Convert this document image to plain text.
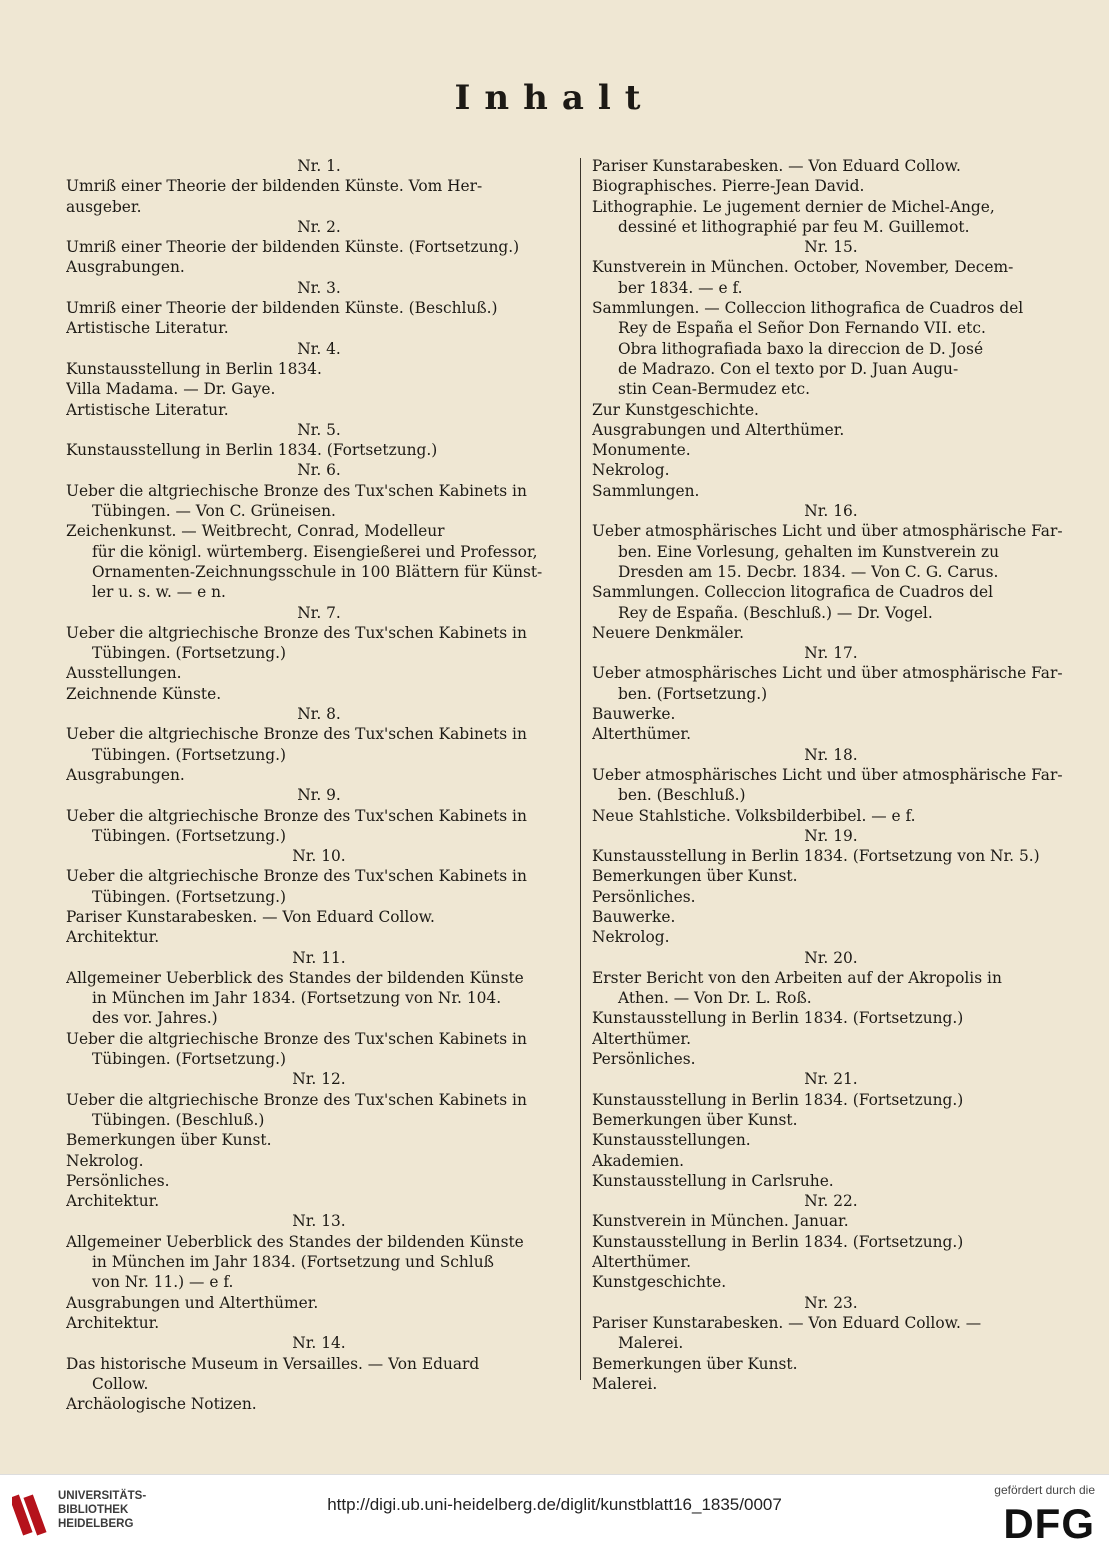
Inhalt
Nr. 1.
Umriß einer Theorie der bildenden Künste. Vom Her-
ausgeber.
Nr. 2.
Umriß einer Theorie der bildenden Künste. (Fortsetzung.)
Ausgrabungen.
Nr. 3.
Umriß einer Theorie der bildenden Künste. (Beschluß.)
Artistische Literatur.
Nr. 4.
Kunstausstellung in Berlin 1834.
Villa Madama. — Dr. Gaye.
Artistische Literatur.
Nr. 5.
Kunstausstellung in Berlin 1834. (Fortsetzung.)
Nr. 6.
Ueber die altgriechische Bronze des Tux'schen Kabinets in
Tübingen. — Von C. Grüneisen.
Zeichenkunst. — Weitbrecht, Conrad, Modelleur
für die königl. würtemberg. Eisengießerei und Professor,
Ornamenten-Zeichnungsschule in 100 Blättern für Künst-
ler u. s. w. — e n.
Nr. 7.
Ueber die altgriechische Bronze des Tux'schen Kabinets in
Tübingen. (Fortsetzung.)
Ausstellungen.
Zeichnende Künste.
Nr. 8.
Ueber die altgriechische Bronze des Tux'schen Kabinets in
Tübingen. (Fortsetzung.)
Ausgrabungen.
Nr. 9.
Ueber die altgriechische Bronze des Tux'schen Kabinets in
Tübingen. (Fortsetzung.)
Nr. 10.
Ueber die altgriechische Bronze des Tux'schen Kabinets in
Tübingen. (Fortsetzung.)
Pariser Kunstarabesken. — Von Eduard Collow.
Architektur.
Nr. 11.
Allgemeiner Ueberblick des Standes der bildenden Künste
in München im Jahr 1834. (Fortsetzung von Nr. 104.
des vor. Jahres.)
Ueber die altgriechische Bronze des Tux'schen Kabinets in
Tübingen. (Fortsetzung.)
Nr. 12.
Ueber die altgriechische Bronze des Tux'schen Kabinets in
Tübingen. (Beschluß.)
Bemerkungen über Kunst.
Nekrolog.
Persönliches.
Architektur.
Nr. 13.
Allgemeiner Ueberblick des Standes der bildenden Künste
in München im Jahr 1834. (Fortsetzung und Schluß
von Nr. 11.) — e f.
Ausgrabungen und Alterthümer.
Architektur.
Nr. 14.
Das historische Museum in Versailles. — Von Eduard
Collow.
Archäologische Notizen.
Pariser Kunstarabesken. — Von Eduard Collow.
Biographisches. Pierre-Jean David.
Lithographie. Le jugement dernier de Michel-Ange,
dessiné et lithographié par feu M. Guillemot.
Nr. 15.
Kunstverein in München. October, November, Decem-
ber 1834. — e f.
Sammlungen. — Colleccion lithografica de Cuadros del
Rey de España el Señor Don Fernando VII. etc.
Obra lithografiada baxo la direccion de D. José
de Madrazo. Con el texto por D. Juan Augu-
stin Cean-Bermudez etc.
Zur Kunstgeschichte.
Ausgrabungen und Alterthümer.
Monumente.
Nekrolog.
Sammlungen.
Nr. 16.
Ueber atmosphärisches Licht und über atmosphärische Far-
ben. Eine Vorlesung, gehalten im Kunstverein zu
Dresden am 15. Decbr. 1834. — Von C. G. Carus.
Sammlungen. Colleccion litografica de Cuadros del
Rey de España. (Beschluß.) — Dr. Vogel.
Neuere Denkmäler.
Nr. 17.
Ueber atmosphärisches Licht und über atmosphärische Far-
ben. (Fortsetzung.)
Bauwerke.
Alterthümer.
Nr. 18.
Ueber atmosphärisches Licht und über atmosphärische Far-
ben. (Beschluß.)
Neue Stahlstiche. Volksbilderbibel. — e f.
Nr. 19.
Kunstausstellung in Berlin 1834. (Fortsetzung von Nr. 5.)
Bemerkungen über Kunst.
Persönliches.
Bauwerke.
Nekrolog.
Nr. 20.
Erster Bericht von den Arbeiten auf der Akropolis in
Athen. — Von Dr. L. Roß.
Kunstausstellung in Berlin 1834. (Fortsetzung.)
Alterthümer.
Persönliches.
Nr. 21.
Kunstausstellung in Berlin 1834. (Fortsetzung.)
Bemerkungen über Kunst.
Kunstausstellungen.
Akademien.
Kunstausstellung in Carlsruhe.
Nr. 22.
Kunstverein in München. Januar.
Kunstausstellung in Berlin 1834. (Fortsetzung.)
Alterthümer.
Kunstgeschichte.
Nr. 23.
Pariser Kunstarabesken. — Von Eduard Collow. —
Malerei.
Bemerkungen über Kunst.
Malerei.
UNIVERSITÄTS-
BIBLIOTHEK
HEIDELBERG
http://digi.ub.uni-heidelberg.de/diglit/kunstblatt16_1835/0007
gefördert durch die
DFG
